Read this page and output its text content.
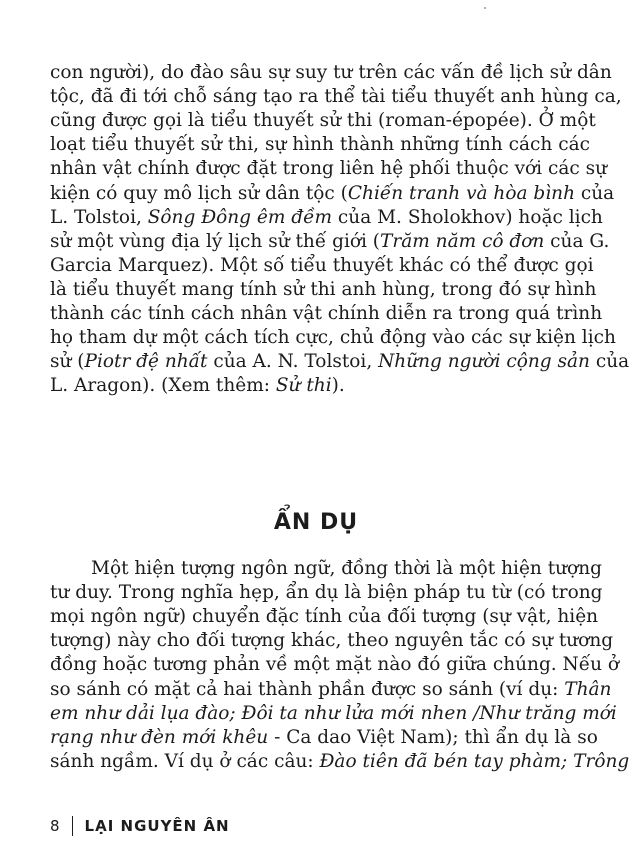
con người), do đào sâu sự suy tư trên các vấn đề lịch sử dân
tộc, đã đi tới chỗ sáng tạo ra thể tài tiểu thuyết anh hùng ca,
cũng được gọi là tiểu thuyết sử thi (roman-épopée). Ở một
loạt tiểu thuyết sử thi, sự hình thành những tính cách các
nhân vật chính được đặt trong liên hệ phối thuộc với các sự
kiện có quy mô lịch sử dân tộc (Chiến tranh và hòa bình của
L. Tolstoi, Sông Đông êm đềm của M. Sholokhov) hoặc lịch
sử một vùng địa lý lịch sử thế giới (Trăm năm cô đơn của G.
Garcia Marquez). Một số tiểu thuyết khác có thể được gọi
là tiểu thuyết mang tính sử thi anh hùng, trong đó sự hình
thành các tính cách nhân vật chính diễn ra trong quá trình
họ tham dự một cách tích cực, chủ động vào các sự kiện lịch
sử (Piotr đệ nhất của A. N. Tolstoi, Những người cộng sản của
L. Aragon). (Xem thêm: Sử thi).
ẨN DỤ
Một hiện tượng ngôn ngữ, đồng thời là một hiện tượng
tư duy. Trong nghĩa hẹp, ẩn dụ là biện pháp tu từ (có trong
mọi ngôn ngữ) chuyển đặc tính của đối tượng (sự vật, hiện
tượng) này cho đối tượng khác, theo nguyên tắc có sự tương
đồng hoặc tương phản về một mặt nào đó giữa chúng. Nếu ở
so sánh có mặt cả hai thành phần được so sánh (ví dụ: Thân
em như dải lụa đào; Đôi ta như lửa mới nhen /Như trăng mới
rạng như đèn mới khêu - Ca dao Việt Nam); thì ẩn dụ là so
sánh ngầm. Ví dụ ở các câu: Đào tiên đã bén tay phàm; Trông
8 LẠI NGUYÊN ÂN
